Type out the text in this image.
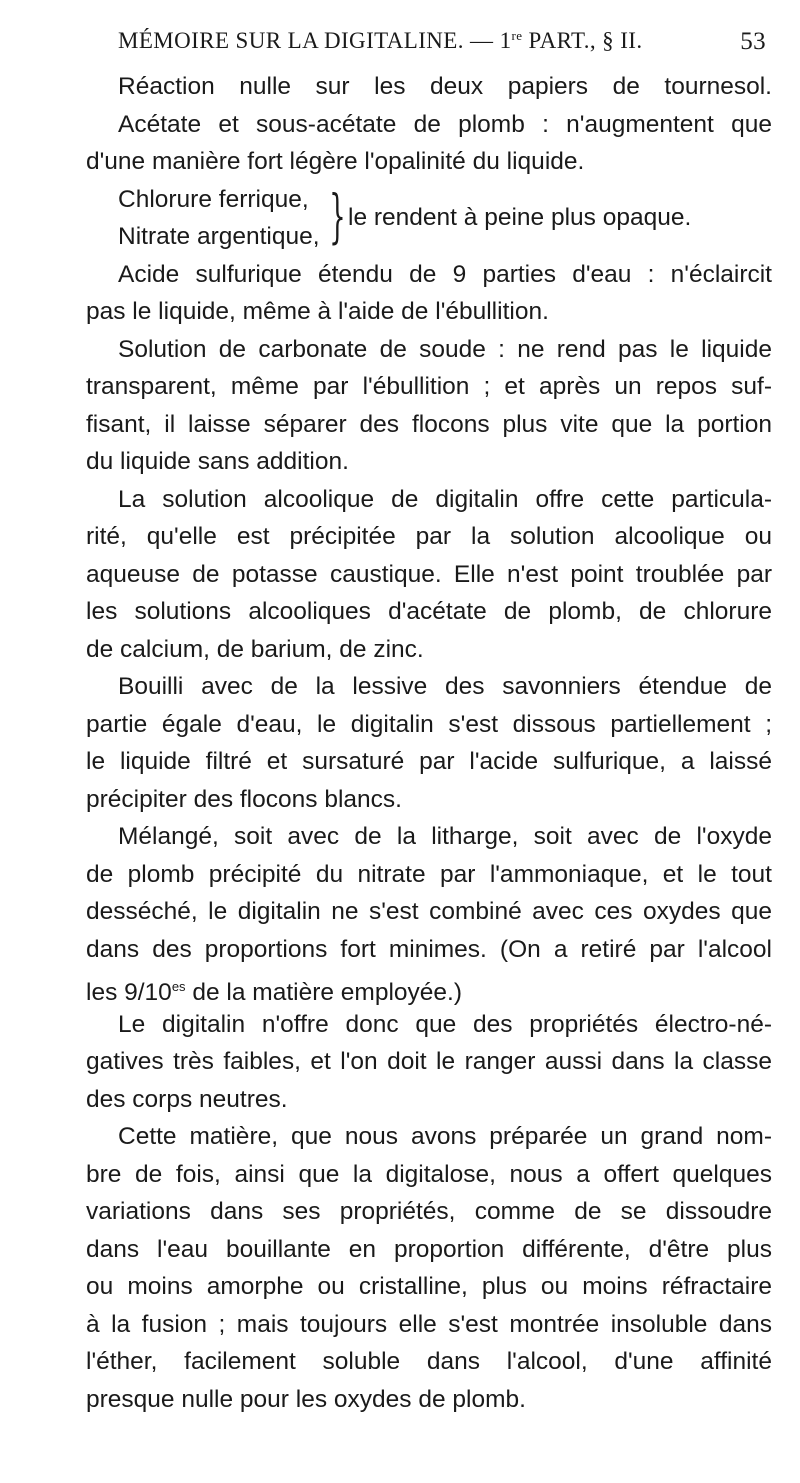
MÉMOIRE SUR LA DIGITALINE. — 1re PART., § II.	53
Réaction nulle sur les deux papiers de tournesol.
Acétate et sous-acétate de plomb : n'augmentent que
d'une manière fort légère l'opalinité du liquide.
Chlorure ferrique,
Nitrate argentique, } le rendent à peine plus opaque.
Acide sulfurique étendu de 9 parties d'eau : n'éclaircit
pas le liquide, même à l'aide de l'ébullition.
Solution de carbonate de soude : ne rend pas le liquide
transparent, même par l'ébullition ; et après un repos suf-
fisant, il laisse séparer des flocons plus vite que la portion
du liquide sans addition.
La solution alcoolique de digitalin offre cette particula-
rité, qu'elle est précipitée par la solution alcoolique ou
aqueuse de potasse caustique. Elle n'est point troublée par
les solutions alcooliques d'acétate de plomb, de chlorure
de calcium, de barium, de zinc.
Bouilli avec de la lessive des savonniers étendue de
partie égale d'eau, le digitalin s'est dissous partiellement ;
le liquide filtré et sursaturé par l'acide sulfurique, a laissé
précipiter des flocons blancs.
Mélangé, soit avec de la litharge, soit avec de l'oxyde
de plomb précipité du nitrate par l'ammoniaque, et le tout
desséché, le digitalin ne s'est combiné avec ces oxydes que
dans des proportions fort minimes. (On a retiré par l'alcool
les $9/10^{es}$ de la matière employée.)
Le digitalin n'offre donc que des propriétés électro-né-
gatives très faibles, et l'on doit le ranger aussi dans la classe
des corps neutres.
Cette matière, que nous avons préparée un grand nom-
bre de fois, ainsi que la digitalose, nous a offert quelques
variations dans ses propriétés, comme de se dissoudre
dans l'eau bouillante en proportion différente, d'être plus
ou moins amorphe ou cristalline, plus ou moins réfractaire
à la fusion ; mais toujours elle s'est montrée insoluble dans
l'éther, facilement soluble dans l'alcool, d'une affinité
presque nulle pour les oxydes de plomb.
